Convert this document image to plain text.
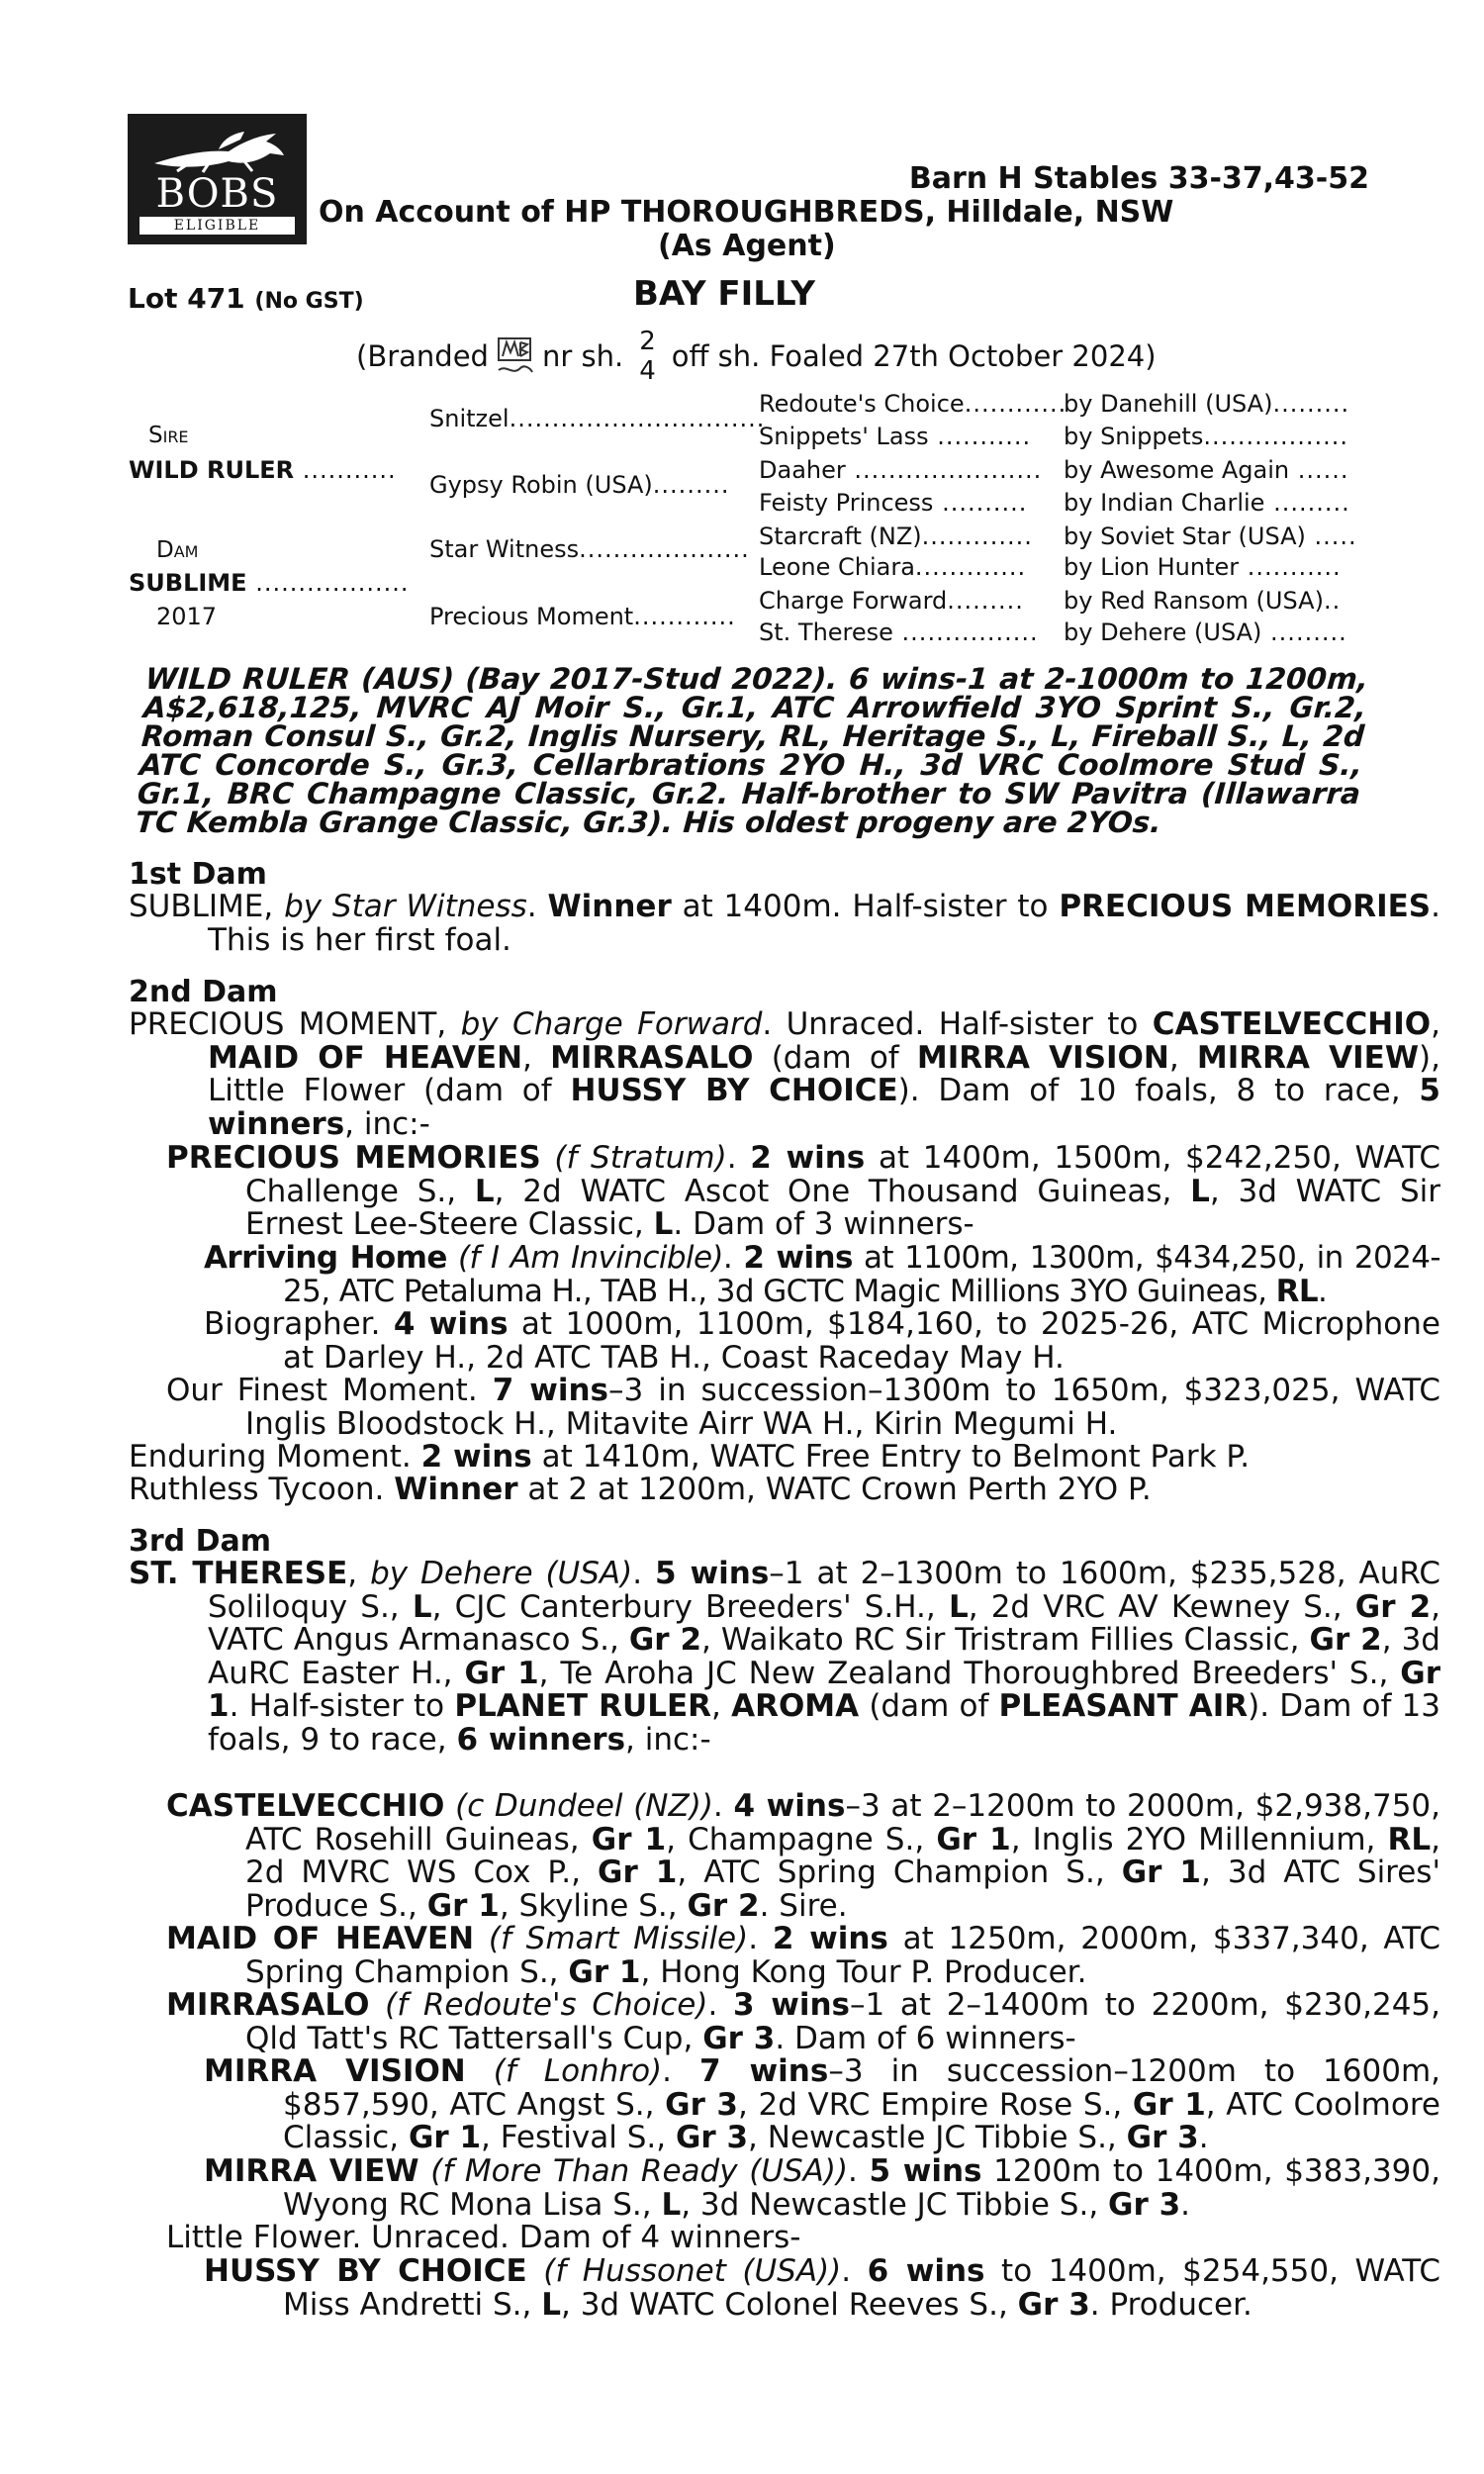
BOBS
ELIGIBLE
Barn H Stables 33-37,43-52
On Account of HP THOROUGHBREDS, Hilldale, NSW
(As Agent)
Lot 471 (No GST)	BAY FILLY
(Branded nr sh. 2
4 off sh. Foaled 27th October 2024)
Sire
WILD RULER ...........
Dam
SUBLIME ..................
2017
Snitzel..............................
Gypsy Robin (USA).........
Star Witness....................
Precious Moment............
Redoute's Choice............
Snippets' Lass ...........
Daaher ......................
Feisty Princess ..........
Starcraft (NZ).............
Leone Chiara.............
Charge Forward.........
St. Therese ................
by Danehill (USA).........
by Snippets.................
by Awesome Again ......
by Indian Charlie .........
by Soviet Star (USA) .....
by Lion Hunter ...........
by Red Ransom (USA)..
by Dehere (USA) .........
WILD RULER (AUS) (Bay 2017-Stud 2022). 6 wins-1 at 2-1000m to 1200m, A$2,618,125, MVRC AJ Moir S., Gr.1, ATC Arrowfield 3YO Sprint S., Gr.2, Roman Consul S., Gr.2, Inglis Nursery, RL, Heritage S., L, Fireball S., L, 2d ATC Concorde S., Gr.3, Cellarbrations 2YO H., 3d VRC Coolmore Stud S., Gr.1, BRC Champagne Classic, Gr.2. Half-brother to SW Pavitra (Illawarra TC Kembla Grange Classic, Gr.3). His oldest progeny are 2YOs.
1st Dam
SUBLIME, by Star Witness. Winner at 1400m. Half-sister to PRECIOUS MEMORIES. This is her first foal.
2nd Dam
PRECIOUS MOMENT, by Charge Forward. Unraced. Half-sister to CASTELVECCHIO, MAID OF HEAVEN, MIRRASALO (dam of MIRRA VISION, MIRRA VIEW), Little Flower (dam of HUSSY BY CHOICE). Dam of 10 foals, 8 to race, 5 winners, inc:-
PRECIOUS MEMORIES (f Stratum). 2 wins at 1400m, 1500m, $242,250, WATC Challenge S., L, 2d WATC Ascot One Thousand Guineas, L, 3d WATC Sir Ernest Lee-Steere Classic, L. Dam of 3 winners-
Arriving Home (f I Am Invincible). 2 wins at 1100m, 1300m, $434,250, in 2024-25, ATC Petaluma H., TAB H., 3d GCTC Magic Millions 3YO Guineas, RL.
Biographer. 4 wins at 1000m, 1100m, $184,160, to 2025-26, ATC Microphone at Darley H., 2d ATC TAB H., Coast Raceday May H.
Our Finest Moment. 7 wins–3 in succession–1300m to 1650m, $323,025, WATC Inglis Bloodstock H., Mitavite Airr WA H., Kirin Megumi H.
Enduring Moment. 2 wins at 1410m, WATC Free Entry to Belmont Park P.
Ruthless Tycoon. Winner at 2 at 1200m, WATC Crown Perth 2YO P.
3rd Dam
ST. THERESE, by Dehere (USA). 5 wins–1 at 2–1300m to 1600m, $235,528, AuRC Soliloquy S., L, CJC Canterbury Breeders' S.H., L, 2d VRC AV Kewney S., Gr 2, VATC Angus Armanasco S., Gr 2, Waikato RC Sir Tristram Fillies Classic, Gr 2, 3d AuRC Easter H., Gr 1, Te Aroha JC New Zealand Thoroughbred Breeders' S., Gr 1. Half-sister to PLANET RULER, AROMA (dam of PLEASANT AIR). Dam of 13 foals, 9 to race, 6 winners, inc:-
CASTELVECCHIO (c Dundeel (NZ)). 4 wins–3 at 2–1200m to 2000m, $2,938,750, ATC Rosehill Guineas, Gr 1, Champagne S., Gr 1, Inglis 2YO Millennium, RL, 2d MVRC WS Cox P., Gr 1, ATC Spring Champion S., Gr 1, 3d ATC Sires' Produce S., Gr 1, Skyline S., Gr 2. Sire.
MAID OF HEAVEN (f Smart Missile). 2 wins at 1250m, 2000m, $337,340, ATC Spring Champion S., Gr 1, Hong Kong Tour P. Producer.
MIRRASALO (f Redoute's Choice). 3 wins–1 at 2–1400m to 2200m, $230,245, Qld Tatt's RC Tattersall's Cup, Gr 3. Dam of 6 winners-
MIRRA VISION (f Lonhro). 7 wins–3 in succession–1200m to 1600m, $857,590, ATC Angst S., Gr 3, 2d VRC Empire Rose S., Gr 1, ATC Coolmore Classic, Gr 1, Festival S., Gr 3, Newcastle JC Tibbie S., Gr 3.
MIRRA VIEW (f More Than Ready (USA)). 5 wins 1200m to 1400m, $383,390, Wyong RC Mona Lisa S., L, 3d Newcastle JC Tibbie S., Gr 3.
Little Flower. Unraced. Dam of 4 winners-
HUSSY BY CHOICE (f Hussonet (USA)). 6 wins to 1400m, $254,550, WATC Miss Andretti S., L, 3d WATC Colonel Reeves S., Gr 3. Producer.
